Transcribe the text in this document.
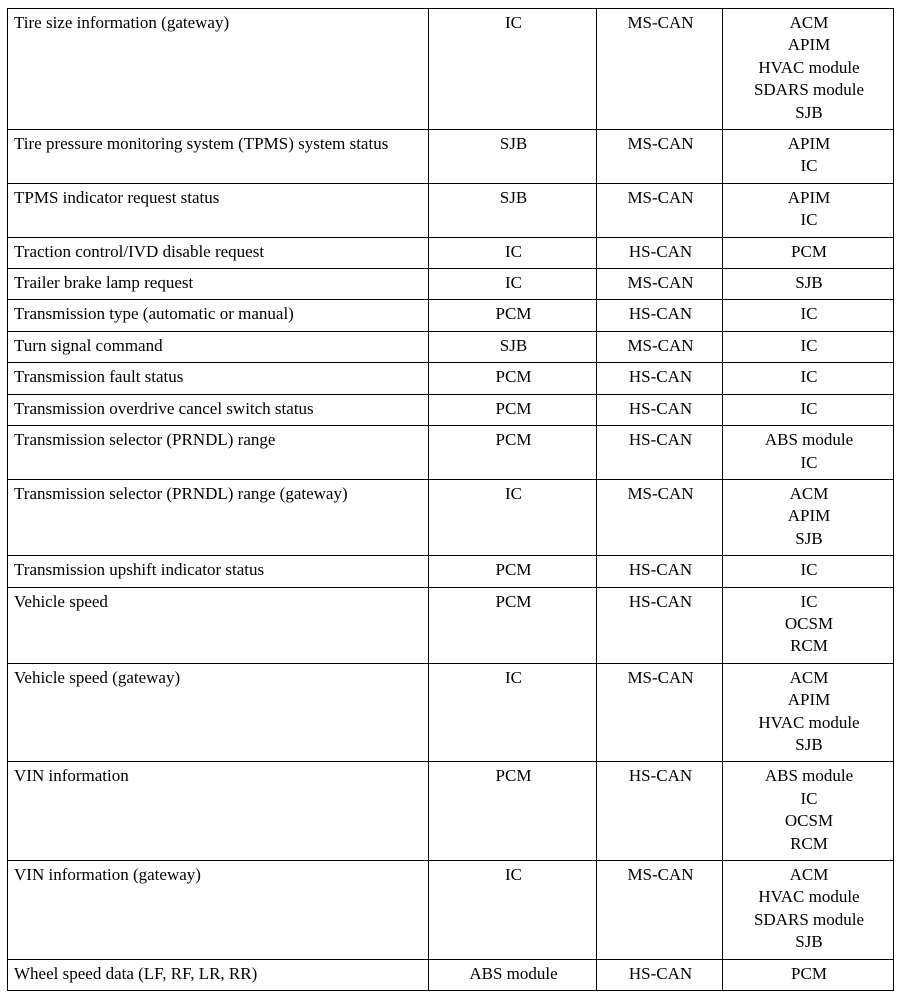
Tire size information (gateway)	IC	MS-CAN	ACM
APIM
HVAC module
SDARS module
SJB

Tire pressure monitoring system (TPMS) system status	SJB	MS-CAN	APIM
IC

TPMS indicator request status	SJB	MS-CAN	APIM
IC

Traction control/IVD disable request	IC	HS-CAN	PCM

Trailer brake lamp request	IC	MS-CAN	SJB

Transmission type (automatic or manual)	PCM	HS-CAN	IC

Turn signal command	SJB	MS-CAN	IC

Transmission fault status	PCM	HS-CAN	IC

Transmission overdrive cancel switch status	PCM	HS-CAN	IC

Transmission selector (PRNDL) range	PCM	HS-CAN	ABS module
IC

Transmission selector (PRNDL) range (gateway)	IC	MS-CAN	ACM
APIM
SJB

Transmission upshift indicator status	PCM	HS-CAN	IC

Vehicle speed	PCM	HS-CAN	IC
OCSM
RCM

Vehicle speed (gateway)	IC	MS-CAN	ACM
APIM
HVAC module
SJB

VIN information	PCM	HS-CAN	ABS module
IC
OCSM
RCM

VIN information (gateway)	IC	MS-CAN	ACM
HVAC module
SDARS module
SJB

Wheel speed data (LF, RF, LR, RR)	ABS module	HS-CAN	PCM
